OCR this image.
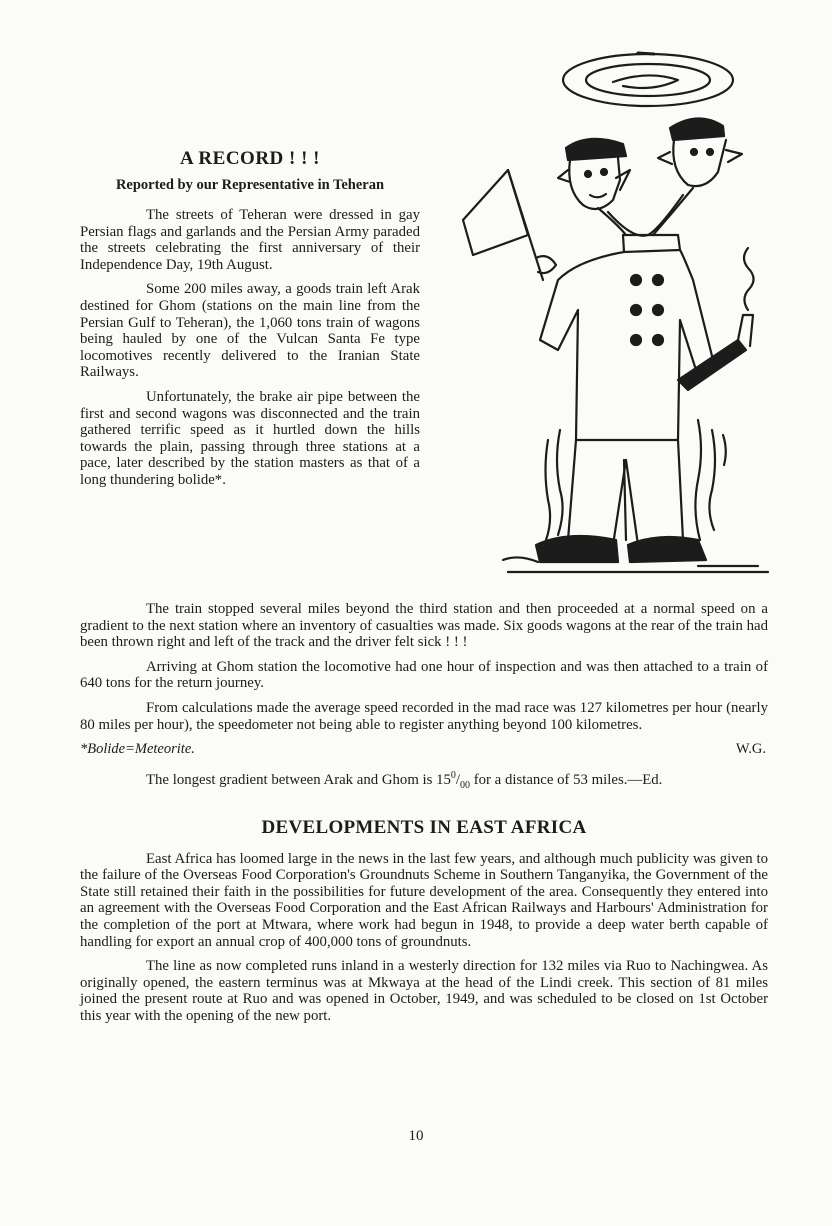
A RECORD ! ! !
Reported by our Representative in Teheran

The streets of Teheran were dressed in gay Persian flags and garlands and the Persian Army paraded the streets celebrating the first anniversary of their Independence Day, 19th August.

Some 200 miles away, a goods train left Arak destined for Ghom (stations on the main line from the Persian Gulf to Teheran), the 1,060 tons train of wagons being hauled by one of the Vulcan Santa Fe type locomotives recently delivered to the Iranian State Railways.

Unfortunately, the brake air pipe between the first and second wagons was disconnected and the train gathered terrific speed as it hurtled down the hills towards the plain, passing through three stations at a pace, later described by the station masters as that of a long thundering bolide*.

The train stopped several miles beyond the third station and then proceeded at a normal speed on a gradient to the next station where an inventory of casualties was made. Six goods wagons at the rear of the train had been thrown right and left of the track and the driver felt sick ! ! !

Arriving at Ghom station the locomotive had one hour of inspection and was then attached to a train of 640 tons for the return journey.

From calculations made the average speed recorded in the mad race was 127 kilometres per hour (nearly 80 miles per hour), the speedometer not being able to register anything beyond 100 kilometres.

*Bolide=Meteorite.	W.G.

The longest gradient between Arak and Ghom is $15^0/_{00}$ for a distance of 53 miles.—Ed.

DEVELOPMENTS IN EAST AFRICA

East Africa has loomed large in the news in the last few years, and although much publicity was given to the failure of the Overseas Food Corporation's Groundnuts Scheme in Southern Tanganyika, the Government of the State still retained their faith in the possibilities for future development of the area. Consequently they entered into an agreement with the Overseas Food Corporation and the East African Railways and Harbours' Administration for the completion of the port at Mtwara, where work had begun in 1948, to provide a deep water berth capable of handling for export an annual crop of 400,000 tons of groundnuts.

The line as now completed runs inland in a westerly direction for 132 miles via Ruo to Nachingwea. As originally opened, the eastern terminus was at Mkwaya at the head of the Lindi creek. This section of 81 miles joined the present route at Ruo and was opened in October, 1949, and was scheduled to be closed on 1st October this year with the opening of the new port.

10
